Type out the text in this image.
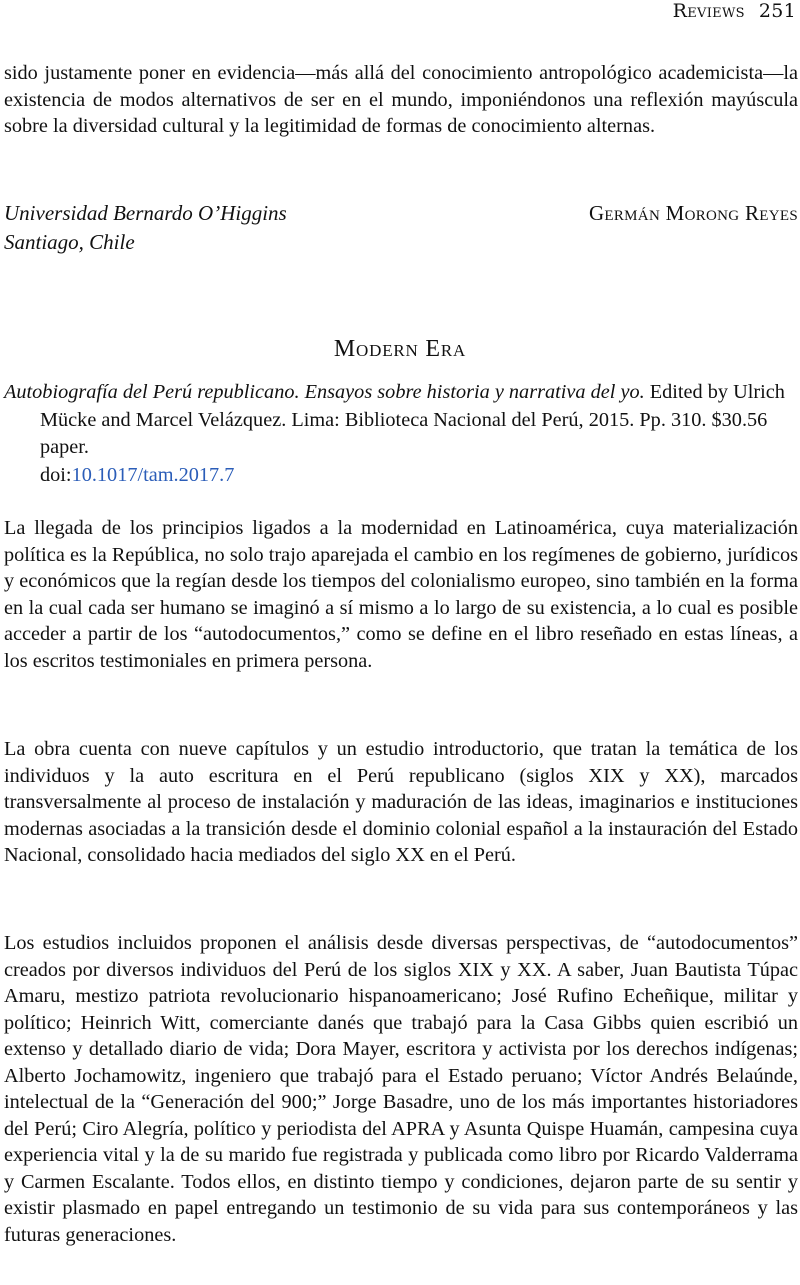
Reviews 251

sido justamente poner en evidencia—más allá del conocimiento antropológico academicista—la existencia de modos alternativos de ser en el mundo, imponiéndonos una reflexión mayúscula sobre la diversidad cultural y la legitimidad de formas de conocimiento alternas.

Universidad Bernardo O’Higgins
Santiago, Chile
Germán Morong Reyes
Modern Era

Autobiografía del Perú republicano. Ensayos sobre historia y narrativa del yo. Edited by Ulrich Mücke and Marcel Velázquez. Lima: Biblioteca Nacional del Perú, 2015. Pp. 310. $30.56 paper.
doi:10.1017/tam.2017.7

La llegada de los principios ligados a la modernidad en Latinoamérica, cuya materialización política es la República, no solo trajo aparejada el cambio en los regímenes de gobierno, jurídicos y económicos que la regían desde los tiempos del colonialismo europeo, sino también en la forma en la cual cada ser humano se imaginó a sí mismo a lo largo de su existencia, a lo cual es posible acceder a partir de los “autodocumentos,” como se define en el libro reseñado en estas líneas, a los escritos testimoniales en primera persona.

La obra cuenta con nueve capítulos y un estudio introductorio, que tratan la temática de los individuos y la auto escritura en el Perú republicano (siglos XIX y XX), marcados transversalmente al proceso de instalación y maduración de las ideas, imaginarios e instituciones modernas asociadas a la transición desde el dominio colonial español a la instauración del Estado Nacional, consolidado hacia mediados del siglo XX en el Perú.

Los estudios incluidos proponen el análisis desde diversas perspectivas, de “autodocumentos” creados por diversos individuos del Perú de los siglos XIX y XX. A saber, Juan Bautista Túpac Amaru, mestizo patriota revolucionario hispanoamericano; José Rufino Echeñique, militar y político; Heinrich Witt, comerciante danés que trabajó para la Casa Gibbs quien escribió un extenso y detallado diario de vida; Dora Mayer, escritora y activista por los derechos indígenas; Alberto Jochamowitz, ingeniero que trabajó para el Estado peruano; Víctor Andrés Belaúnde, intelectual de la “Generación del 900;” Jorge Basadre, uno de los más importantes historiadores del Perú; Ciro Alegría, político y periodista del APRA y Asunta Quispe Huamán, campesina cuya experiencia vital y la de su marido fue registrada y publicada como libro por Ricardo Valderrama y Carmen Escalante. Todos ellos, en distinto tiempo y condiciones, dejaron parte de su sentir y existir plasmado en papel entregando un testimonio de su vida para sus contemporáneos y las futuras generaciones.
